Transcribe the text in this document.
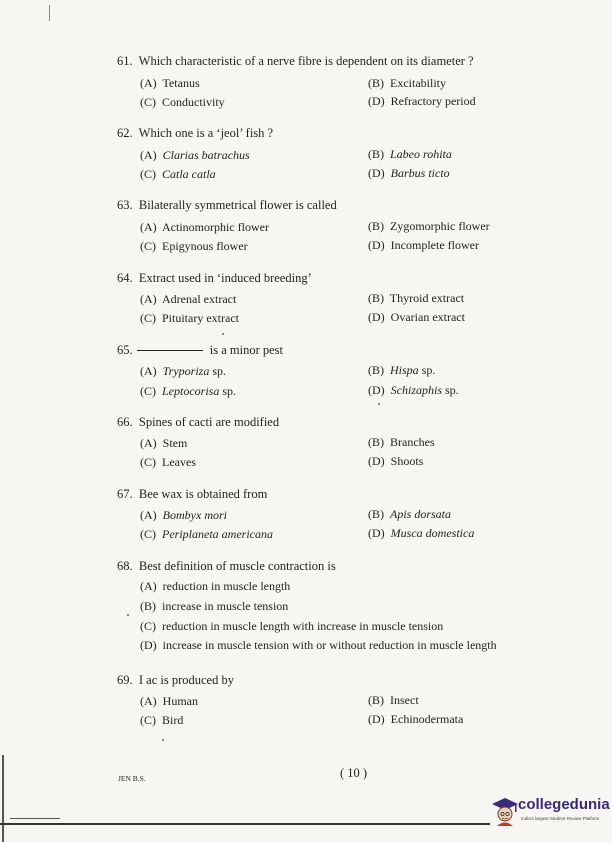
61. Which characteristic of a nerve fibre is dependent on its diameter ?
(A) Tetanus	(B) Excitability
(C) Conductivity	(D) Refractory period
62. Which one is a ‘jeol’ fish ?
(A) Clarias batrachus	(B) Labeo rohita
(C) Catla catla	(D) Barbus ticto
63. Bilaterally symmetrical flower is called
(A) Actinomorphic flower	(B) Zygomorphic flower
(C) Epigynous flower	(D) Incomplete flower
64. Extract used in ‘induced breeding’
(A) Adrenal extract	(B) Thyroid extract
(C) Pituitary extract	(D) Ovarian extract
65.	is a minor pest
(A) Tryporiza sp.	(B) Hispa sp.
(C) Leptocorisa sp.	(D) Schizaphis sp.
66. Spines of cacti are modified
(A) Stem	(B) Branches
(C) Leaves	(D) Shoots
67. Bee wax is obtained from
(A) Bombyx mori	(B) Apis dorsata
(C) Periplaneta americana	(D) Musca domestica
68. Best definition of muscle contraction is
(A) reduction in muscle length
(B) increase in muscle tension
(C) reduction in muscle length with increase in muscle tension
(D) increase in muscle tension with or without reduction in muscle length
69. I ac is produced by
(A) Human	(B) Insect
(C) Bird	(D) Echinodermata
JEN B.S.	( 10 )
collegedunia
India's largest Student Review Platform
